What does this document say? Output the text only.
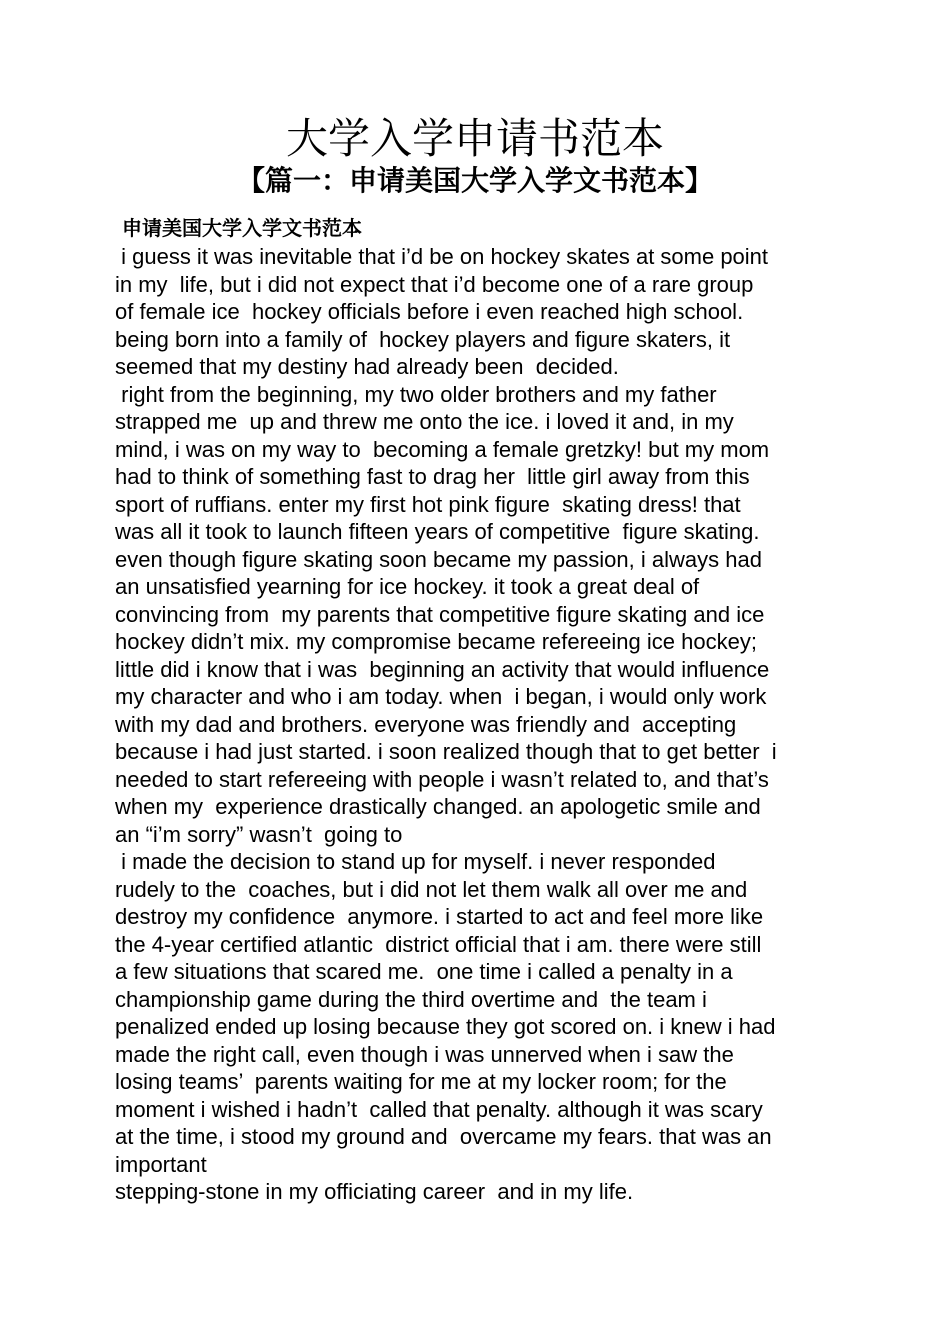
大学入学申请书范本
【篇一：申请美国大学入学文书范本】
申请美国大学入学文书范本
i guess it was inevitable that i’d be on hockey skates at some point
in my  life, but i did not expect that i’d become one of a rare group
of female ice  hockey officials before i even reached high school.
being born into a family of  hockey players and figure skaters, it
seemed that my destiny had already been  decided.
right from the beginning, my two older brothers and my father
strapped me  up and threw me onto the ice. i loved it and, in my
mind, i was on my way to  becoming a female gretzky! but my mom
had to think of something fast to drag her  little girl away from this
sport of ruffians. enter my first hot pink figure  skating dress! that
was all it took to launch fifteen years of competitive  figure skating.
even though figure skating soon became my passion, i always had
an unsatisfied yearning for ice hockey. it took a great deal of
convincing from  my parents that competitive figure skating and ice
hockey didn’t mix. my compromise became refereeing ice hockey;
little did i know that i was  beginning an activity that would influence
my character and who i am today. when  i began, i would only work
with my dad and brothers. everyone was friendly and  accepting
because i had just started. i soon realized though that to get better  i
needed to start refereeing with people i wasn’t related to, and that’s
when my  experience drastically changed. an apologetic smile and
an “i’m sorry” wasn’t  going to
i made the decision to stand up for myself. i never responded
rudely to the  coaches, but i did not let them walk all over me and
destroy my confidence  anymore. i started to act and feel more like
the 4-year certified atlantic  district official that i am. there were still
a few situations that scared me.  one time i called a penalty in a
championship game during the third overtime and  the team i
penalized ended up losing because they got scored on. i knew i had
made the right call, even though i was unnerved when i saw the
losing teams’  parents waiting for me at my locker room; for the
moment i wished i hadn’t  called that penalty. although it was scary
at the time, i stood my ground and  overcame my fears. that was an
important
stepping-stone in my officiating career  and in my life.
